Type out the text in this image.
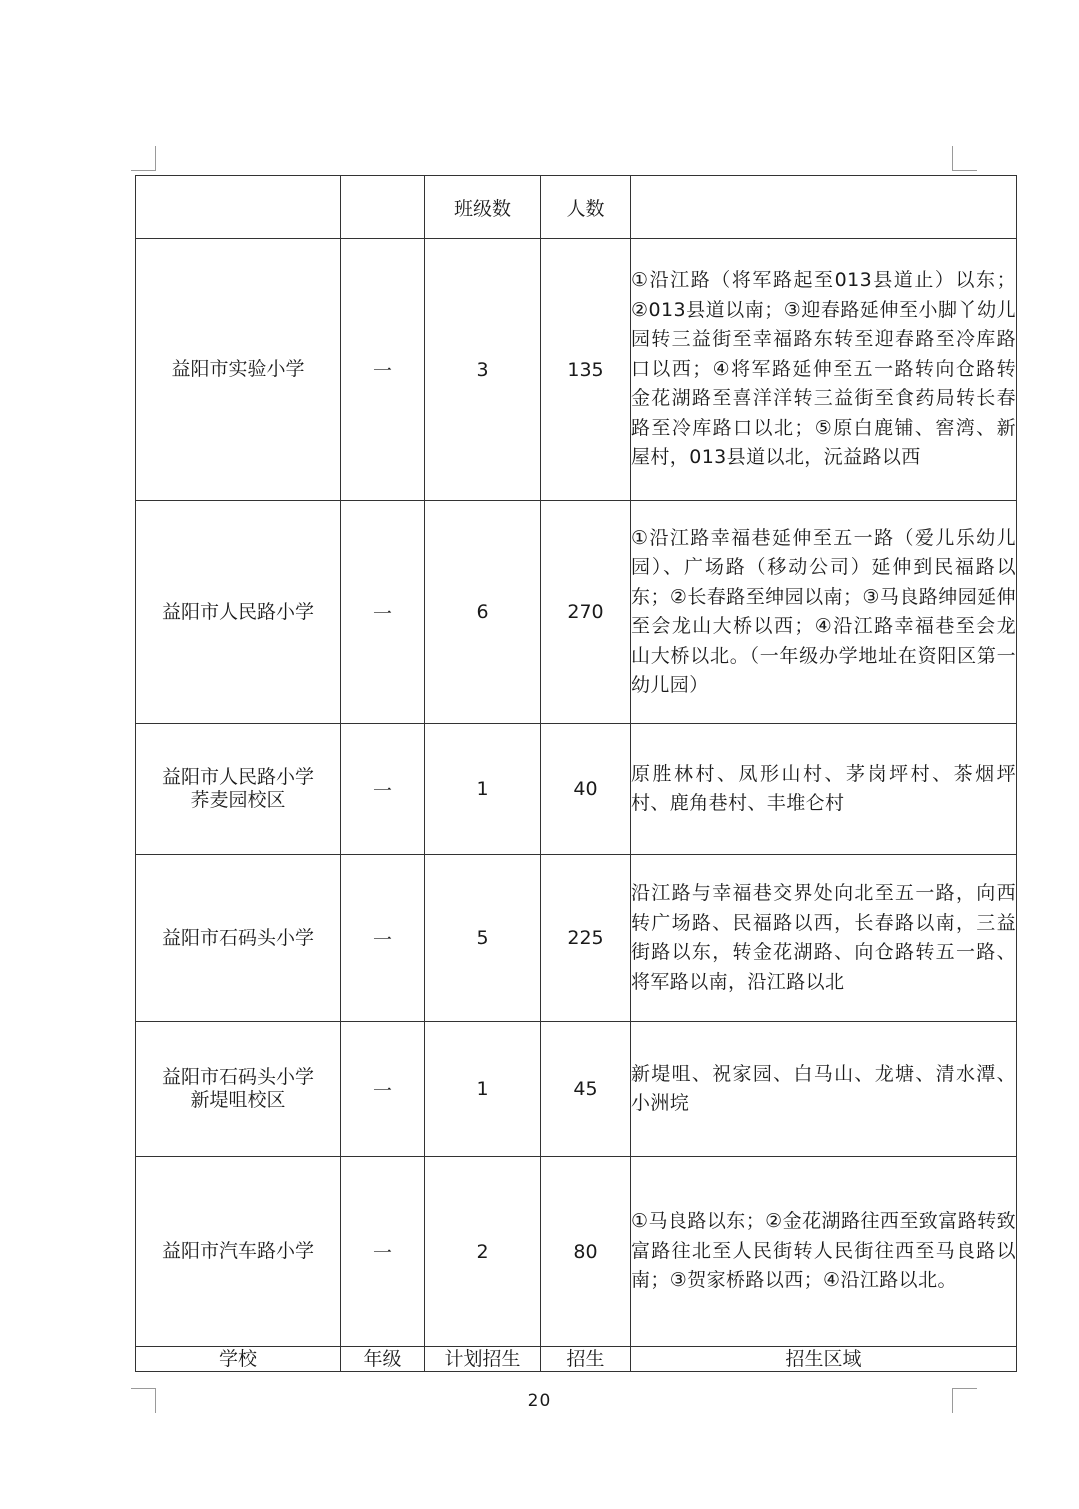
		班级数	人数	

益阳市实验小学	一	3	135	①沿江路（将军路起至013县道止）以东；②013县道以南；③迎春路延伸至小脚丫幼儿园转三益街至幸福路东转至迎春路至冷库路口以西；④将军路延伸至五一路转向仓路转金花湖路至喜洋洋转三益街至食药局转长春路至冷库路口以北；⑤原白鹿铺、窖湾、新屋村，013县道以北，沅益路以西

益阳市人民路小学	一	6	270	①沿江路幸福巷延伸至五一路（爱儿乐幼儿园）、广场路（移动公司）延伸到民福路以东；②长春路至绅园以南；③马良路绅园延伸至会龙山大桥以西；④沿江路幸福巷至会龙山大桥以北。（一年级办学地址在资阳区第一幼儿园）

益阳市人民路小学
荞麦园校区	一	1	40	原胜林村、凤形山村、茅岗坪村、茶烟坪村、鹿角巷村、丰堆仑村

益阳市石码头小学	一	5	225	沿江路与幸福巷交界处向北至五一路，向西转广场路、民福路以西，长春路以南，三益街路以东，转金花湖路、向仓路转五一路、将军路以南，沿江路以北

益阳市石码头小学
新堤咀校区	一	1	45	新堤咀、祝家园、白马山、龙塘、清水潭、小洲垸

益阳市汽车路小学	一	2	80	①马良路以东；②金花湖路往西至致富路转致富路往北至人民街转人民街往西至马良路以南；③贺家桥路以西；④沿江路以北。
学校	年级	计划招生	招生	招生区域
20
